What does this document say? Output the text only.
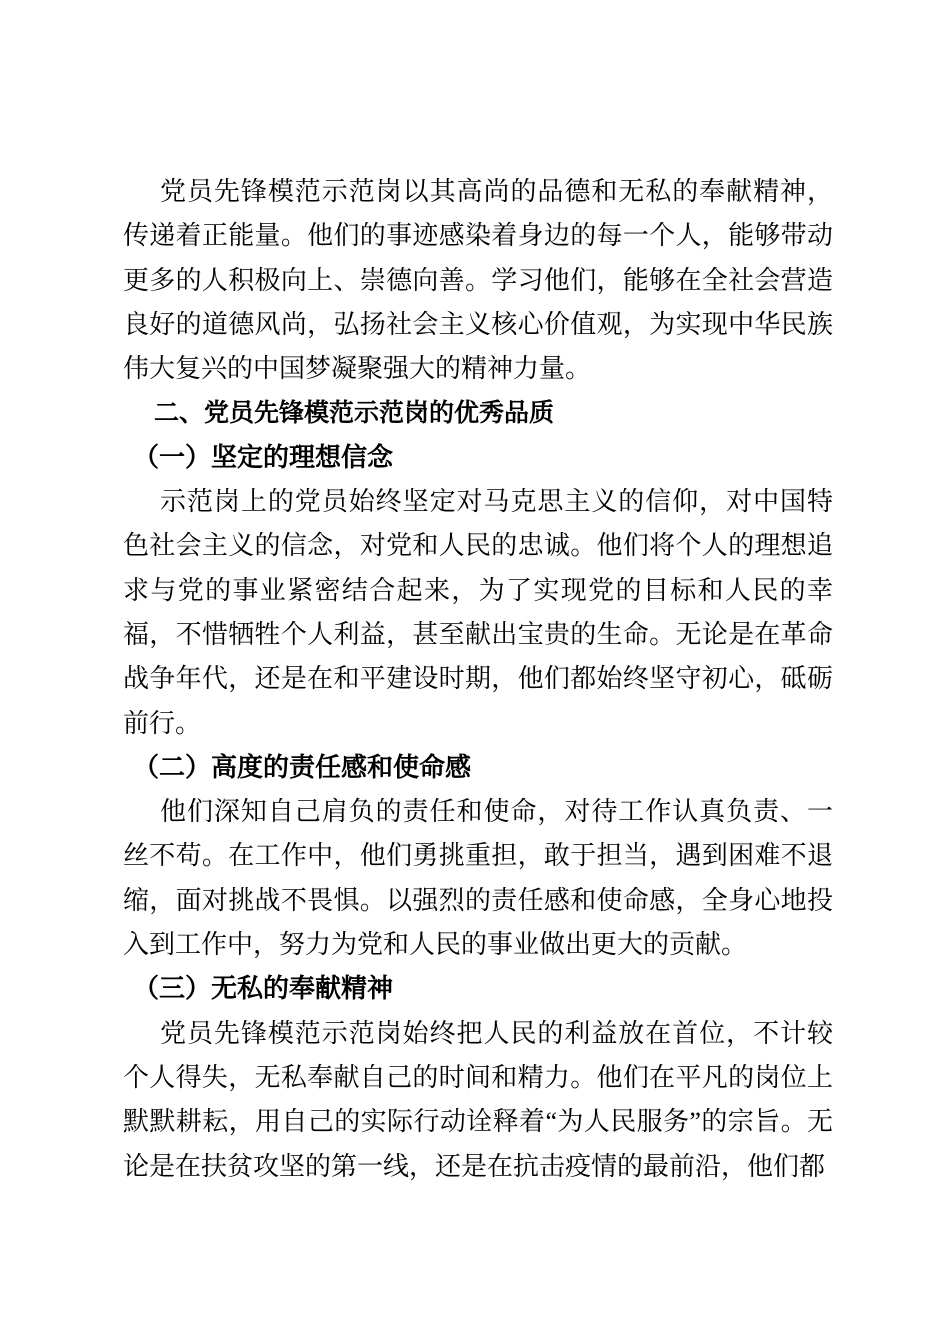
党员先锋模范示范岗以其高尚的品德和无私的奉献精神，传递着正能量。他们的事迹感染着身边的每一个人，能够带动更多的人积极向上、崇德向善。学习他们，能够在全社会营造良好的道德风尚，弘扬社会主义核心价值观，为实现中华民族伟大复兴的中国梦凝聚强大的精神力量。

二、党员先锋模范示范岗的优秀品质
（一）坚定的理想信念

示范岗上的党员始终坚定对马克思主义的信仰，对中国特色社会主义的信念，对党和人民的忠诚。他们将个人的理想追求与党的事业紧密结合起来，为了实现党的目标和人民的幸福，不惜牺牲个人利益，甚至献出宝贵的生命。无论是在革命战争年代，还是在和平建设时期，他们都始终坚守初心，砥砺前行。

（二）高度的责任感和使命感

他们深知自己肩负的责任和使命，对待工作认真负责、一丝不苟。在工作中，他们勇挑重担，敢于担当，遇到困难不退缩，面对挑战不畏惧。以强烈的责任感和使命感，全身心地投入到工作中，努力为党和人民的事业做出更大的贡献。

（三）无私的奉献精神

党员先锋模范示范岗始终把人民的利益放在首位，不计较个人得失，无私奉献自己的时间和精力。他们在平凡的岗位上默默耕耘，用自己的实际行动诠释着“为人民服务”的宗旨。无论是在扶贫攻坚的第一线，还是在抗击疫情的最前沿，他们都
